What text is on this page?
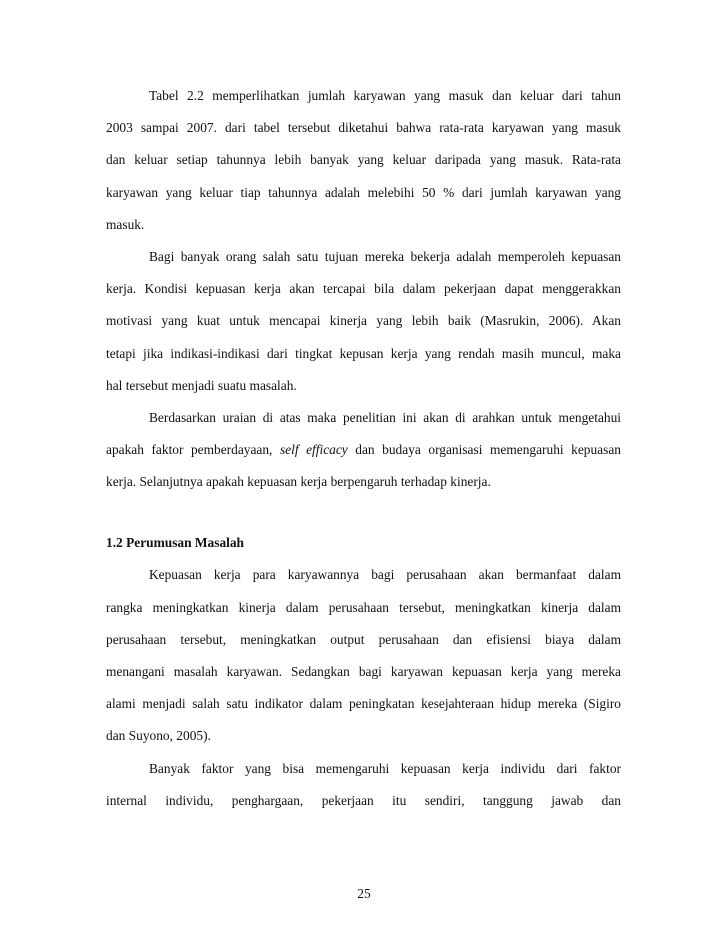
Tabel 2.2 memperlihatkan jumlah karyawan yang masuk dan keluar dari tahun
2003 sampai 2007. dari tabel tersebut diketahui bahwa rata-rata karyawan yang masuk
dan keluar setiap tahunnya lebih banyak yang keluar daripada yang masuk. Rata-rata
karyawan yang keluar tiap tahunnya adalah melebihi 50 % dari jumlah karyawan yang
masuk.
Bagi banyak orang salah satu tujuan mereka bekerja adalah memperoleh kepuasan
kerja. Kondisi kepuasan kerja akan tercapai bila dalam pekerjaan dapat menggerakkan
motivasi yang kuat untuk mencapai kinerja yang lebih baik (Masrukin, 2006). Akan
tetapi jika indikasi-indikasi dari tingkat kepusan kerja yang rendah masih muncul, maka
hal tersebut menjadi suatu masalah.
Berdasarkan uraian di atas maka penelitian ini akan di arahkan untuk mengetahui
apakah faktor pemberdayaan, self efficacy dan budaya organisasi memengaruhi kepuasan
kerja. Selanjutnya apakah kepuasan kerja berpengaruh terhadap kinerja.
1.2 Perumusan Masalah
Kepuasan kerja para karyawannya bagi perusahaan akan bermanfaat dalam
rangka meningkatkan kinerja dalam perusahaan tersebut, meningkatkan kinerja dalam
perusahaan tersebut, meningkatkan output perusahaan dan efisiensi biaya dalam
menangani masalah karyawan. Sedangkan bagi karyawan kepuasan kerja yang mereka
alami menjadi salah satu indikator dalam peningkatan kesejahteraan hidup mereka (Sigiro
dan Suyono, 2005).
Banyak faktor yang bisa memengaruhi kepuasan kerja individu dari faktor
internal individu, penghargaan, pekerjaan itu sendiri, tanggung jawab dan
25
